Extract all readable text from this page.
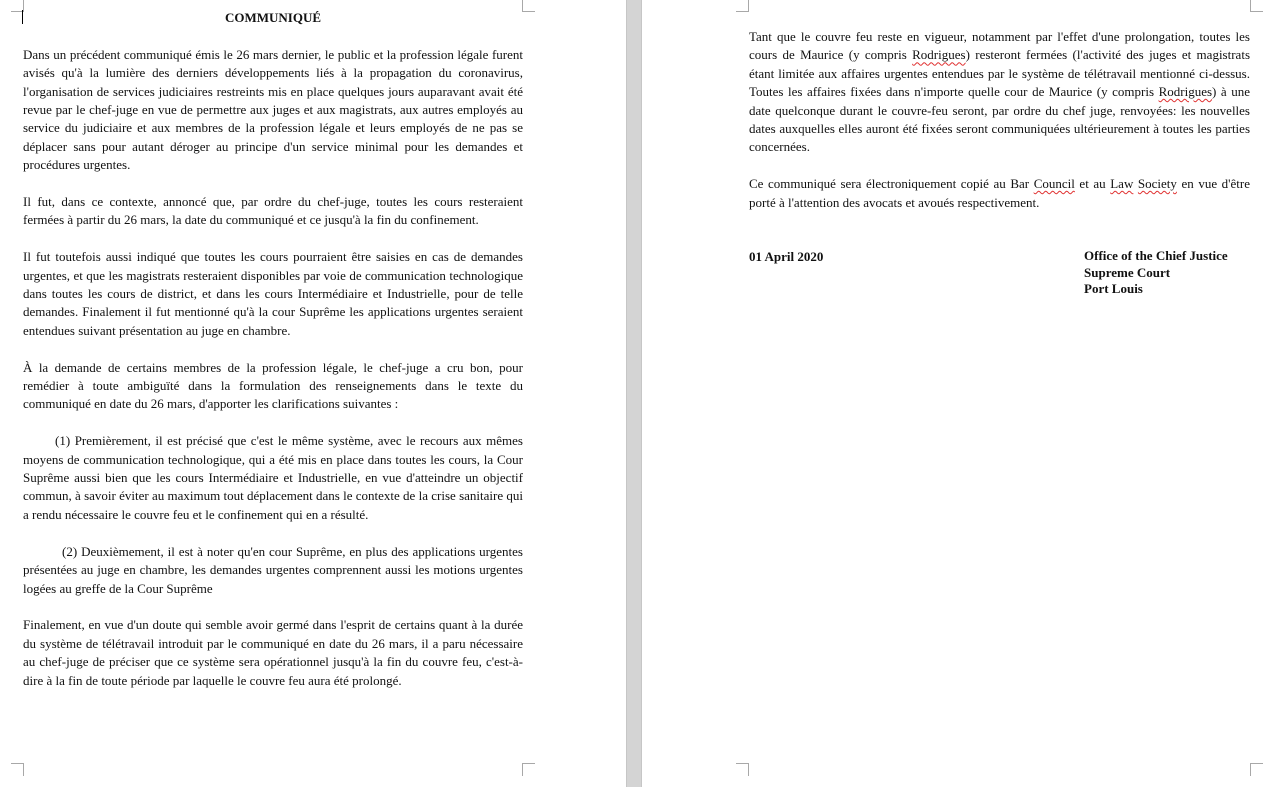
COMMUNIQUÉ

Dans un précédent communiqué émis le 26 mars dernier, le public et la profession légale furent avisés qu'à la lumière des derniers développements liés à la propagation du coronavirus, l'organisation de services judiciaires restreints mis en place quelques jours auparavant avait été revue par le chef-juge en vue de permettre aux juges et aux magistrats, aux autres employés au service du judiciaire et aux membres de la profession légale et leurs employés de ne pas se déplacer sans pour autant déroger au principe d'un service minimal pour les demandes et procédures urgentes.

Il fut, dans ce contexte, annoncé que, par ordre du chef-juge, toutes les cours resteraient fermées à partir du 26 mars, la date du communiqué et ce jusqu'à la fin du confinement.

Il fut toutefois aussi indiqué que toutes les cours pourraient être saisies en cas de demandes urgentes, et que les magistrats resteraient disponibles par voie de communication technologique dans toutes les cours de district, et dans les cours Intermédiaire et Industrielle, pour de telle demandes. Finalement il fut mentionné qu'à la cour Suprême les applications urgentes seraient entendues suivant présentation au juge en chambre.

À la demande de certains membres de la profession légale, le chef-juge a cru bon, pour remédier à toute ambiguïté dans la formulation des renseignements dans le texte du communiqué en date du 26 mars, d'apporter les clarifications suivantes :

(1) Premièrement, il est précisé que c'est le même système, avec le recours aux mêmes moyens de communication technologique, qui a été mis en place dans toutes les cours, la Cour Suprême aussi bien que les cours Intermédiaire et Industrielle, en vue d'atteindre un objectif commun, à savoir éviter au maximum tout déplacement dans le contexte de la crise sanitaire qui a rendu nécessaire le couvre feu et le confinement qui en a résulté.

(2) Deuxièmement, il est à noter qu'en cour Suprême, en plus des applications urgentes présentées au juge en chambre, les demandes urgentes comprennent aussi les motions urgentes logées au greffe de la Cour Suprême

Finalement, en vue d'un doute qui semble avoir germé dans l'esprit de certains quant à la durée du système de télétravail introduit par le communiqué en date du 26 mars, il a paru nécessaire au chef-juge de préciser que ce système sera opérationnel jusqu'à la fin du couvre feu, c'est-à-dire à la fin de toute période par laquelle le couvre feu aura été prolongé.

Tant que le couvre feu reste en vigueur, notamment par l'effet d'une prolongation, toutes les cours de Maurice (y compris Rodrigues) resteront fermées (l'activité des juges et magistrats étant limitée aux affaires urgentes entendues par le système de télétravail mentionné ci-dessus. Toutes les affaires fixées dans n'importe quelle cour de Maurice (y compris Rodrigues) à une date quelconque durant le couvre-feu seront, par ordre du chef juge, renvoyées: les nouvelles dates auxquelles elles auront été fixées seront communiquées ultérieurement à toutes les parties concernées.

Ce communiqué sera électroniquement copié au Bar Council et au Law Society en vue d'être porté à l'attention des avocats et avoués respectivement.

01 April 2020	Office of the Chief Justice
Supreme Court
Port Louis
